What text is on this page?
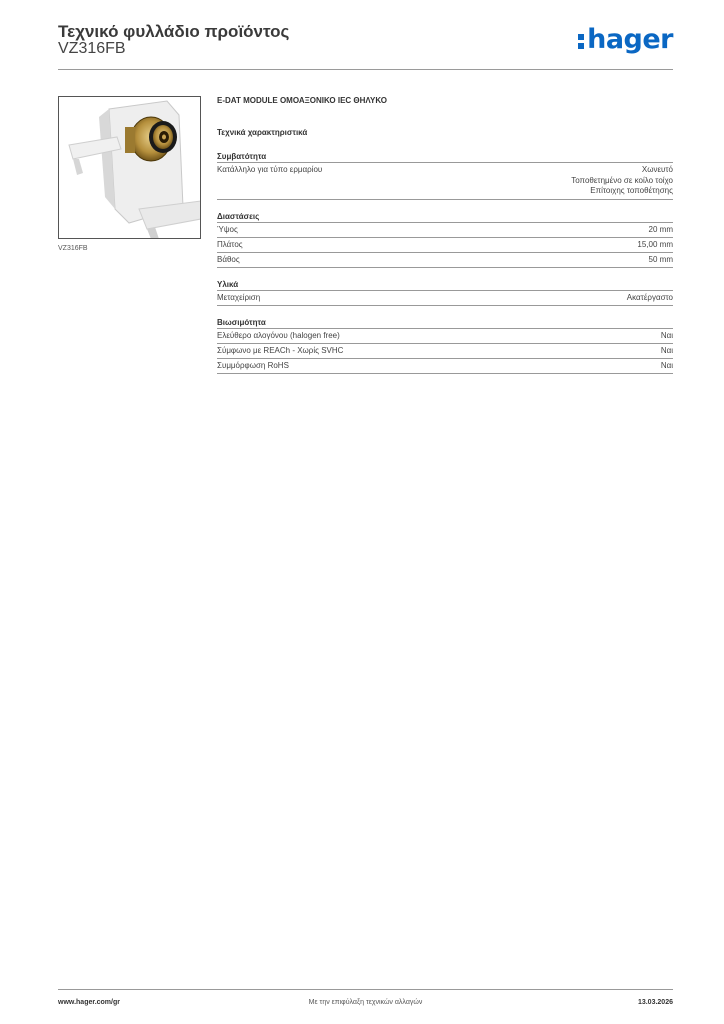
Τεχνικό φυλλάδιο προϊόντος
VZ316FB	hager
VZ316FB
E-DAT MODULE ΟΜΟΑΞΟΝΙΚΟ IEC ΘΗΛΥΚΟ
Τεχνικά χαρακτηριστικά
Συμβατότητα
Κατάλληλο για τύπο ερμαρίου	Χωνευτό
Τοποθετημένο σε κοίλο τοίχο
Επίτοιχης τοποθέτησης
Διαστάσεις
Ύψος	20 mm
Πλάτος	15,00 mm
Βάθος	50 mm
Υλικά
Μεταχείριση	Ακατέργαστο
Βιωσιμότητα
Ελεύθερο αλογόνου (halogen free)	Ναι
Σύμφωνο με REACh - Χωρίς SVHC	Ναι
Συμμόρφωση RoHS	Ναι
www.hager.com/gr	Με την επιφύλαξη τεχνικών αλλαγών	13.03.2026
